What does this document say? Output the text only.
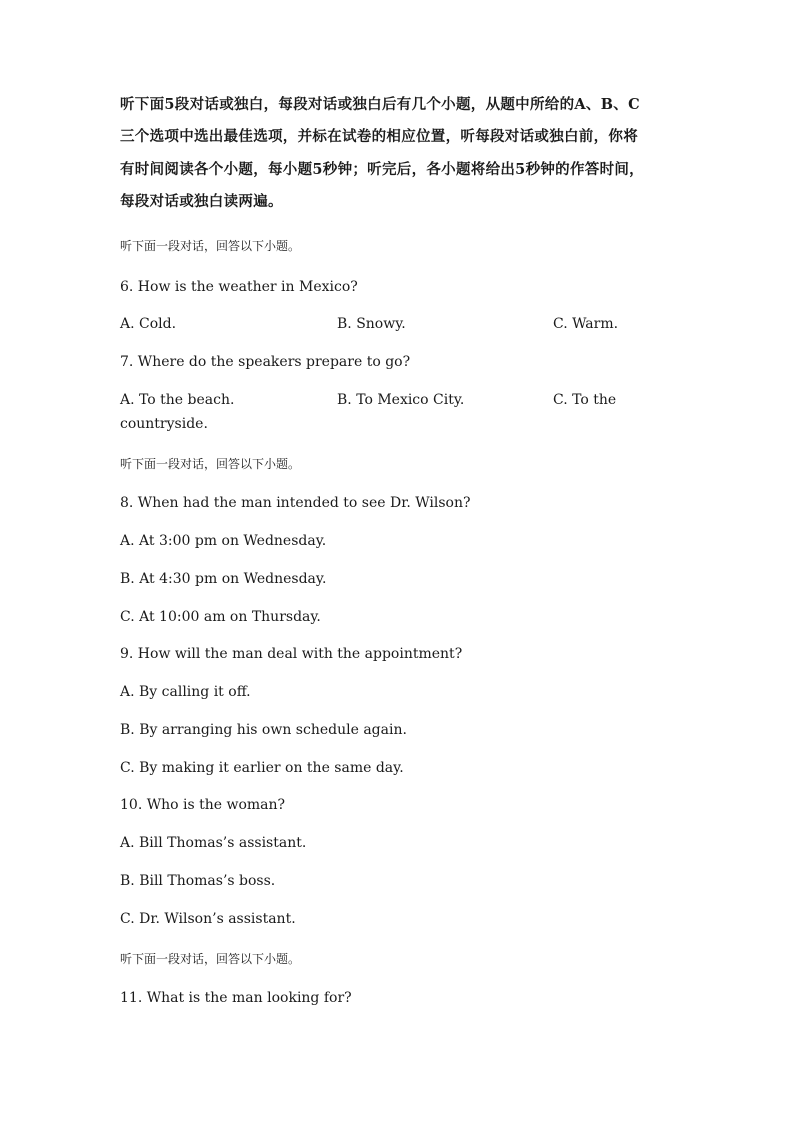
听下面5段对话或独白，每段对话或独白后有几个小题，从题中所给的A、B、C
三个选项中选出最佳选项，并标在试卷的相应位置，听每段对话或独白前，你将
有时间阅读各个小题，每小题5秒钟；听完后，各小题将给出5秒钟的作答时间，
每段对话或独白读两遍。
听下面一段对话，回答以下小题。
6. How is the weather in Mexico?
A. Cold.	B. Snowy.	C. Warm.
7. Where do the speakers prepare to go?
A. To the beach.	B. To Mexico City.	C. To the
countryside.
听下面一段对话，回答以下小题。
8. When had the man intended to see Dr. Wilson?
A. At 3:00 pm on Wednesday.
B. At 4:30 pm on Wednesday.
C. At 10:00 am on Thursday.
9. How will the man deal with the appointment?
A. By calling it off.
B. By arranging his own schedule again.
C. By making it earlier on the same day.
10. Who is the woman?
A. Bill Thomas’s assistant.
B. Bill Thomas’s boss.
C. Dr. Wilson’s assistant.
听下面一段对话，回答以下小题。
11. What is the man looking for?
